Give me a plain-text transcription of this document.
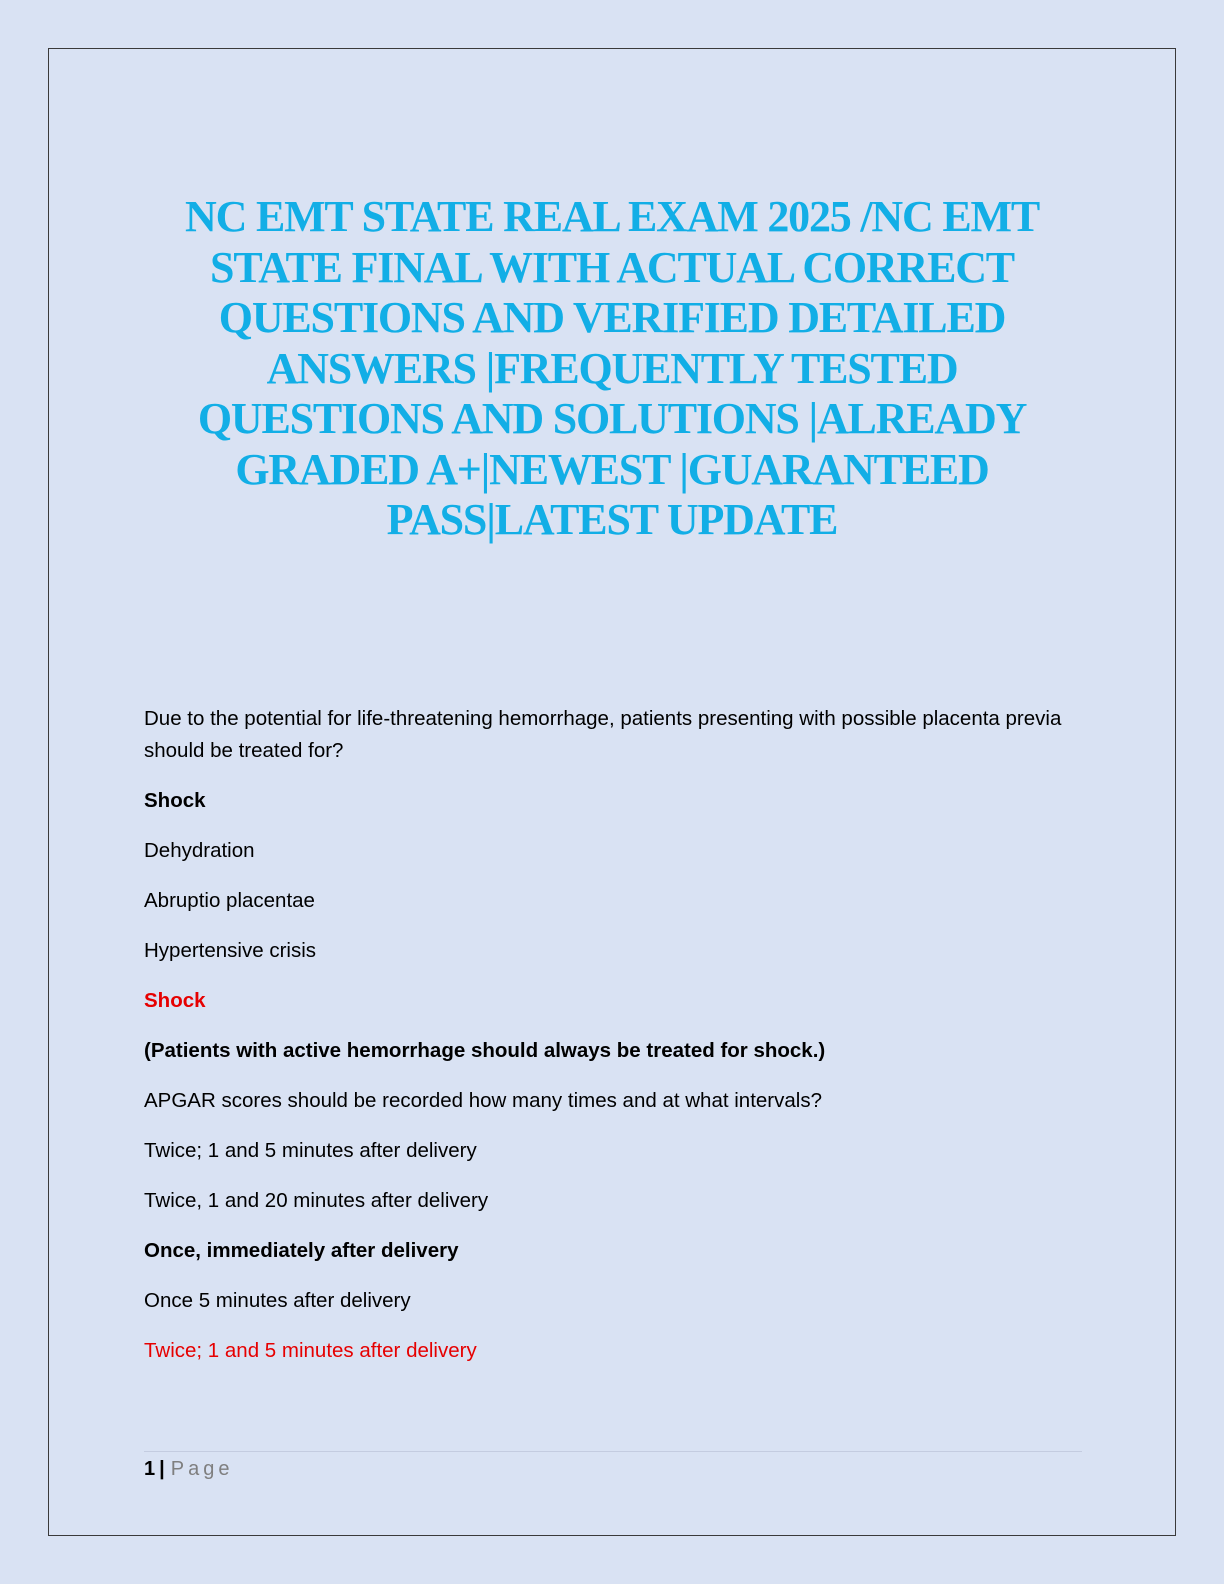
NC EMT STATE REAL EXAM 2025 /NC EMT STATE FINAL WITH ACTUAL CORRECT QUESTIONS AND VERIFIED DETAILED ANSWERS |FREQUENTLY TESTED QUESTIONS AND SOLUTIONS |ALREADY GRADED A+|NEWEST |GUARANTEED PASS|LATEST UPDATE

Due to the potential for life-threatening hemorrhage, patients presenting with possible placenta previa should be treated for?

Shock

Dehydration

Abruptio placentae

Hypertensive crisis

Shock

(Patients with active hemorrhage should always be treated for shock.)

APGAR scores should be recorded how many times and at what intervals?

Twice; 1 and 5 minutes after delivery

Twice, 1 and 20 minutes after delivery

Once, immediately after delivery

Once 5 minutes after delivery

Twice; 1 and 5 minutes after delivery

1 | Page
